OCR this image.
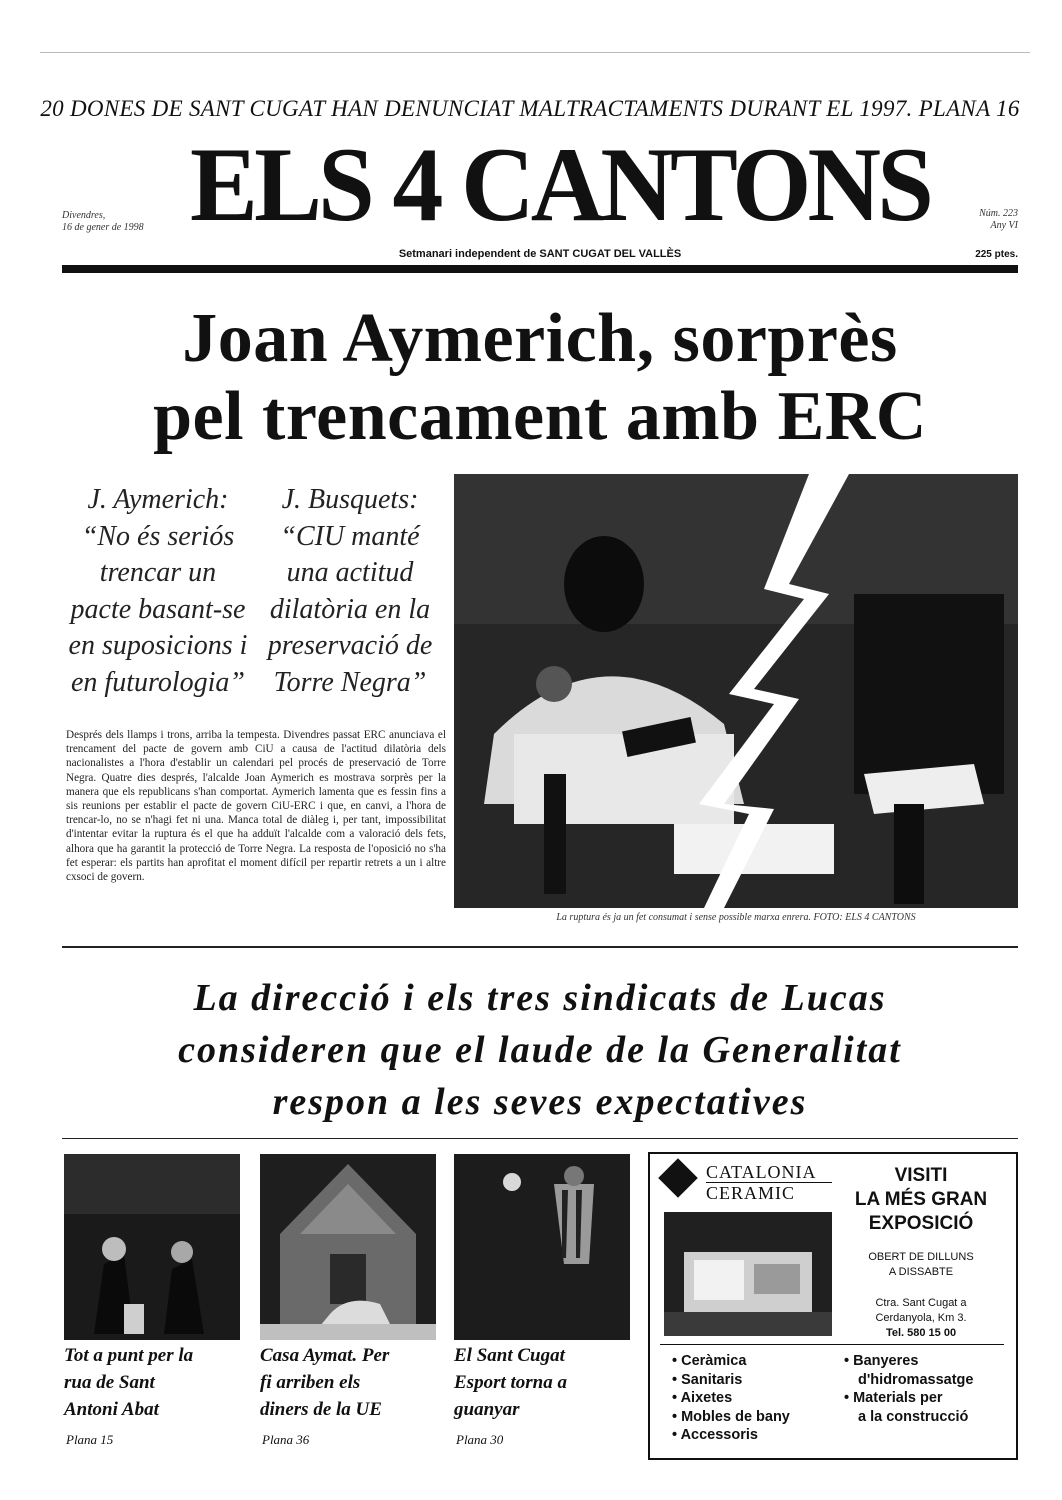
20 DONES DE SANT CUGAT HAN DENUNCIAT MALTRACTAMENTS DURANT EL 1997. PLANA 16
Divendres,
16 de gener de 1998 ELS 4 CANTONS	Núm. 223
Any VI
Setmanari independent de SANT CUGAT DEL VALLÈS	225 ptes.
Joan Aymerich, sorprès
pel trencament amb ERC
J. Aymerich:
“No és seriós
trencar un
pacte basant-se
en suposicions i
en futurologia”
J. Busquets:
“CIU manté
una actitud
dilatòria en la
preservació de
Torre Negra”
Després dels llamps i trons, arriba la tempesta. Divendres passat ERC anunciava el trencament del pacte de govern amb CiU a causa de l'actitud dilatòria dels nacionalistes a l'hora d'establir un calendari pel procés de preservació de Torre Negra. Quatre dies després, l'alcalde Joan Aymerich es mostrava sorprès per la manera que els republicans s'han comportat. Aymerich lamenta que es fessin fins a sis reunions per establir el pacte de govern CiU-ERC i que, en canvi, a l'hora de trencar-lo, no se n'hagi fet ni una. Manca total de diàleg i, per tant, impossibilitat d'intentar evitar la ruptura és el que ha adduït l'alcalde com a valoració dels fets, alhora que ha garantit la protecció de Torre Negra. La resposta de l'oposició no s'ha fet esperar: els partits han aprofitat el moment difícil per repartir retrets a un i altre cxsoci de govern.
La ruptura és ja un fet consumat i sense possible marxa enrera. FOTO: ELS 4 CANTONS
La direcció i els tres sindicats de Lucas
consideren que el laude de la Generalitat
respon a les seves expectatives
Tot a punt per la
rua de Sant
Antoni Abat
Plana 15
Casa Aymat. Per
fi arriben els
diners de la UE
Plana 36
El Sant Cugat
Esport torna a
guanyar
Plana 30
CATALONIA
CERAMIC
VISITI
LA MÉS GRAN
EXPOSICIÓ
OBERT DE DILLUNS
A DISSABTE
Ctra. Sant Cugat a
Cerdanyola, Km 3.
Tel. 580 15 00
• Ceràmica
• Sanitaris
• Aixetes
• Mobles de bany
• Accessoris
• Banyeres
d'hidromassatge
• Materials per
a la construcció
